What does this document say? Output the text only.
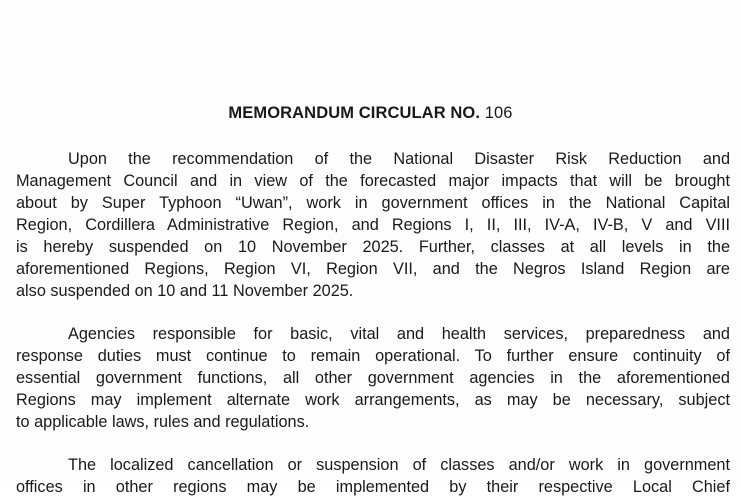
MEMORANDUM CIRCULAR NO. 106
Upon the recommendation of the National Disaster Risk Reduction and
Management Council and in view of the forecasted major impacts that will be brought
about by Super Typhoon “Uwan”, work in government offices in the National Capital
Region, Cordillera Administrative Region, and Regions I, II, III, IV-A, IV-B, V and VIII
is hereby suspended on 10 November 2025. Further, classes at all levels in the
aforementioned Regions, Region VI, Region VII, and the Negros Island Region are
also suspended on 10 and 11 November 2025.
Agencies responsible for basic, vital and health services, preparedness and
response duties must continue to remain operational. To further ensure continuity of
essential government functions, all other government agencies in the aforementioned
Regions may implement alternate work arrangements, as may be necessary, subject
to applicable laws, rules and regulations.
The localized cancellation or suspension of classes and/or work in government
offices in other regions may be implemented by their respective Local Chief
